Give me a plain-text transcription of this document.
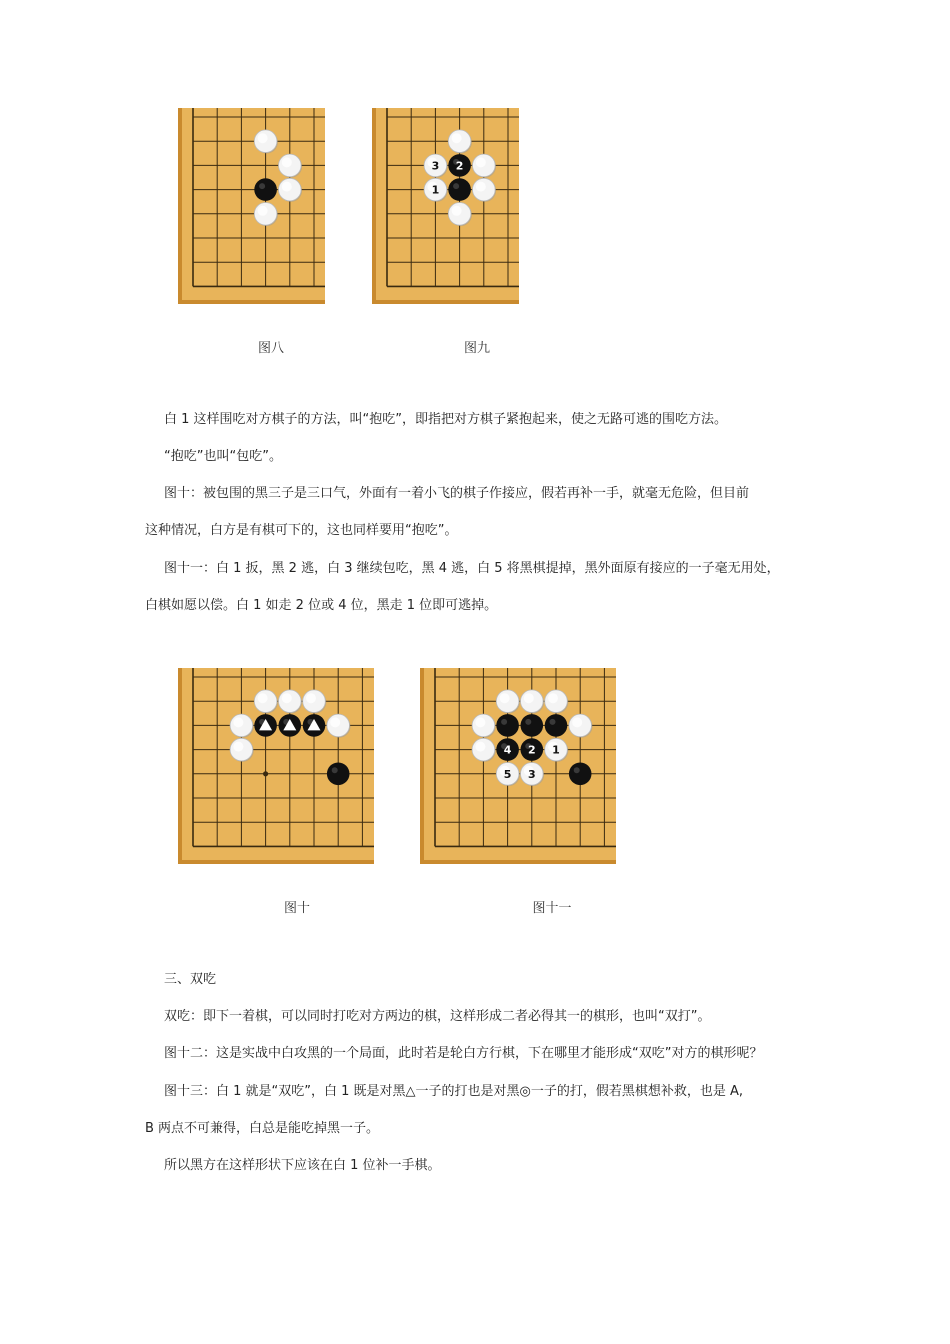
3 2
1
4 2 1
5 3
图八	图九
图十	图十一
白 1 这样围吃对方棋子的方法，叫“抱吃”，即指把对方棋子紧抱起来，使之无路可逃的围吃方法。
“抱吃”也叫“包吃”。
图十：被包围的黑三子是三口气，外面有一着小飞的棋子作接应，假若再补一手，就毫无危险，但目前
这种情况，白方是有棋可下的，这也同样要用“抱吃”。
图十一：白 1 扳，黑 2 逃，白 3 继续包吃，黑 4 逃，白 5 将黑棋提掉，黑外面原有接应的一子毫无用处，
白棋如愿以偿。白 1 如走 2 位或 4 位，黑走 1 位即可逃掉。
三、双吃
双吃：即下一着棋，可以同时打吃对方两边的棋，这样形成二者必得其一的棋形，也叫“双打”。
图十二：这是实战中白攻黑的一个局面，此时若是轮白方行棋，下在哪里才能形成“双吃”对方的棋形呢？
图十三：白 1 就是“双吃”，白 1 既是对黑△一子的打也是对黑◎一子的打，假若黑棋想补救，也是 A,
B 两点不可兼得，白总是能吃掉黑一子。
所以黑方在这样形状下应该在白 1 位补一手棋。
